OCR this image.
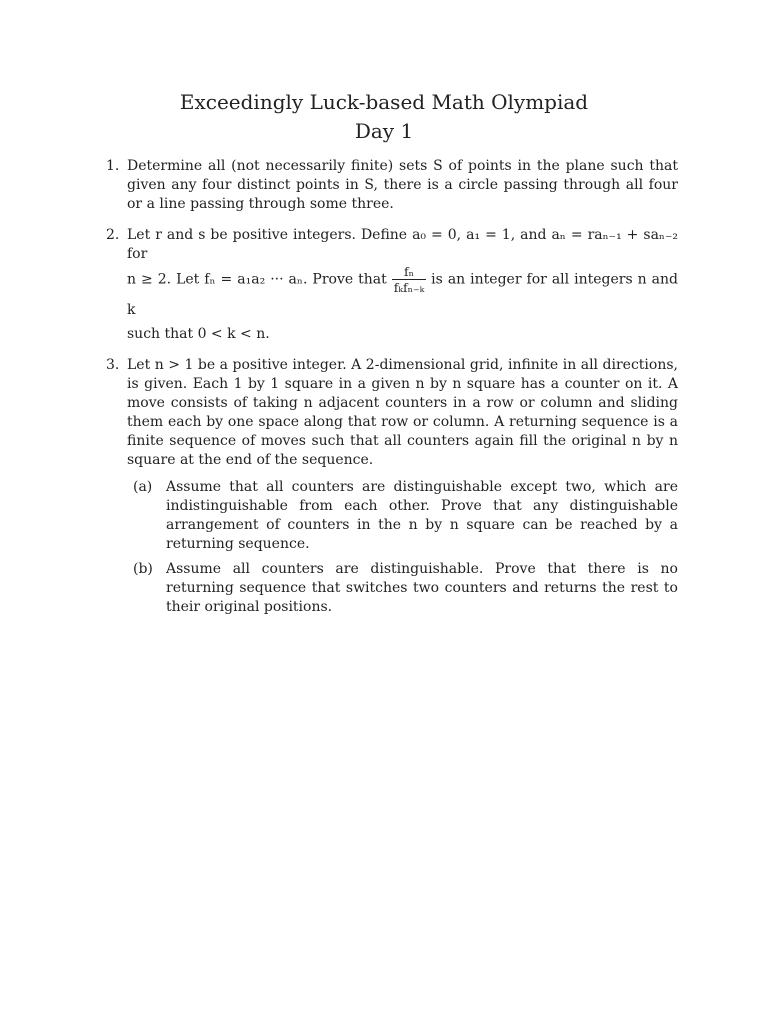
Exceedingly Luck-based Math Olympiad
Day 1
1. Determine all (not necessarily finite) sets S of points in the plane such that given any four distinct points in S, there is a circle passing through all four or a line passing through some three.
2. Let r and s be positive integers. Define a₀ = 0, a₁ = 1, and aₙ = raₙ₋₁ + saₙ₋₂ for
n ≥ 2. Let fₙ = a₁a₂ ··· aₙ. Prove that $\frac{\text{fₙ}}{\text{fₖfₙ₋ₖ}}$ is an integer for all integers n and k
such that 0 < k < n.
3. Let n > 1 be a positive integer. A 2-dimensional grid, infinite in all directions, is given. Each 1 by 1 square in a given n by n square has a counter on it. A move consists of taking n adjacent counters in a row or column and sliding them each by one space along that row or column. A returning sequence is a finite sequence of moves such that all counters again fill the original n by n square at the end of the sequence.
(a) Assume that all counters are distinguishable except two, which are indistinguishable from each other. Prove that any distinguishable arrangement of counters in the n by n square can be reached by a returning sequence.
(b) Assume all counters are distinguishable. Prove that there is no returning sequence that switches two counters and returns the rest to their original positions.
